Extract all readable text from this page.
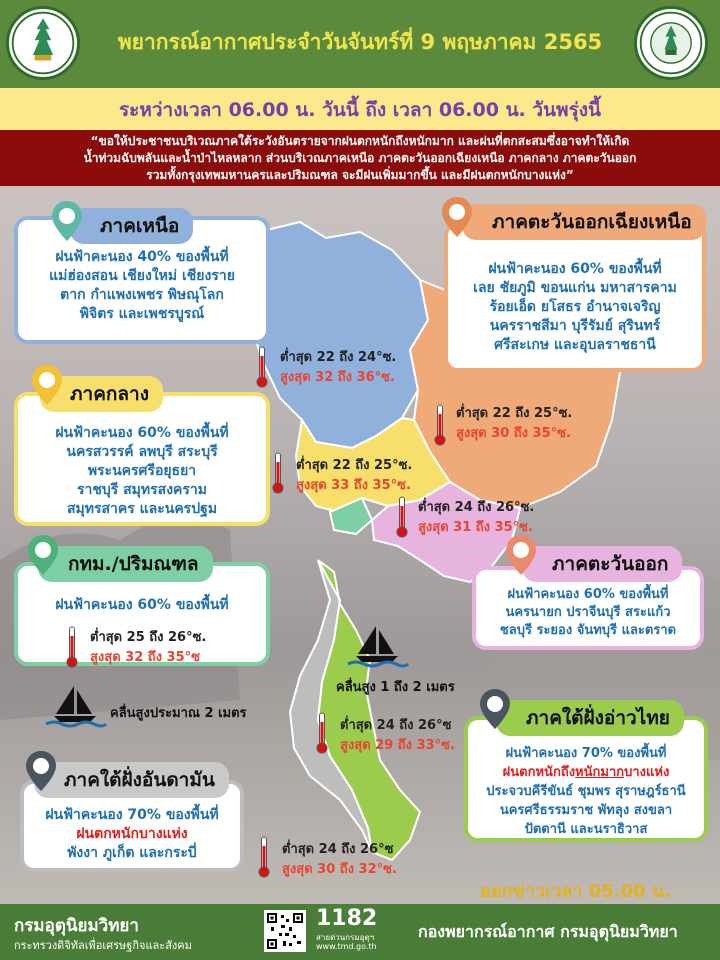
พยากรณ์อากาศประจำวันจันทร์ที่ 9 พฤษภาคม 2565
ระหว่างเวลา 06.00 น. วันนี้ ถึง เวลา 06.00 น. วันพรุ่งนี้
“ขอให้ประชาชนบริเวณภาคใต้ระวังอันตรายจากฝนตกหนักถึงหนักมาก และฝนที่ตกสะสมซึ่งอาจทำให้เกิด
น้ำท่วมฉับพลันและน้ำป่าไหลหลาก ส่วนบริเวณภาคเหนือ ภาคตะวันออกเฉียงเหนือ ภาคกลาง ภาคตะวันออก
รวมทั้งกรุงเทพมหานครและปริมณฑล จะมีฝนเพิ่มมากขึ้น และมีฝนตกหนักบางแห่ง”
ฝนฟ้าคะนอง 40% ของพื้นที่
แม่ฮ่องสอน เชียงใหม่ เชียงราย
ตาก กำแพงเพชร พิษณุโลก
พิจิตร และเพชรบูรณ์
ภาคเหนือ
ต่ำสุด 22 ถึง 24°ซ.
สูงสุด 32 ถึง 36°ซ.
ฝนฟ้าคะนอง 60% ของพื้นที่
เลย ชัยภูมิ ขอนแก่น มหาสารคาม
ร้อยเอ็ด ยโสธร อำนาจเจริญ
นครราชสีมา บุรีรัมย์ สุรินทร์
ศรีสะเกษ และอุบลราชธานี
ภาคตะวันออกเฉียงเหนือ
ต่ำสุด 22 ถึง 25°ซ.
สูงสุด 30 ถึง 35°ซ.
ฝนฟ้าคะนอง 60% ของพื้นที่
นครสวรรค์ ลพบุรี สระบุรี
พระนครศรีอยุธยา
ราชบุรี สมุทรสงคราม
สมุทรสาคร และนครปฐม
ภาคกลาง
ต่ำสุด 22 ถึง 25°ซ.
สูงสุด 33 ถึง 35°ซ.
ต่ำสุด 24 ถึง 26°ซ.
สูงสุด 31 ถึง 35°ซ.
ฝนฟ้าคะนอง 60% ของพื้นที่
นครนายก ปราจีนบุรี สระแก้ว
ชลบุรี ระยอง จันทบุรี และตราด
ภาคตะวันออก
ฝนฟ้าคะนอง 60% ของพื้นที่
กทม./ปริมณฑล
ต่ำสุด 25 ถึง 26°ซ.
สูงสุด 32 ถึง 35°ซ
คลื่นสูง 1 ถึง 2 เมตร
คลื่นสูงประมาณ 2 เมตร
ต่ำสุด 24 ถึง 26°ซ
สูงสุด 29 ถึง 33°ซ.
ฝนฟ้าคะนอง 70% ของพื้นที่
ฝนตกหนักถึงหนักมากบางแห่ง
ประจวบคีรีขันธ์ ชุมพร สุราษฎร์ธานี
นครศรีธรรมราช พัทลุง สงขลา
ปัตตานี และนราธิวาส
ภาคใต้ฝั่งอ่าวไทย
ฝนฟ้าคะนอง 70% ของพื้นที่
ฝนตกหนักบางแห่ง
พังงา ภูเก็ต และกระบี่
ภาคใต้ฝั่งอันดามัน
ต่ำสุด 24 ถึง 26°ซ
สูงสุด 30 ถึง 32°ซ.
ออกข่าวเวลา 05.00 น.
กรมอุตุนิยมวิทยา
กระทรวงดิจิทัลเพื่อเศรษฐกิจและสังคม
1182
สายด่วนกรมอุตุฯ
www.tmd.go.th
กองพยากรณ์อากาศ กรมอุตุนิยมวิทยา
